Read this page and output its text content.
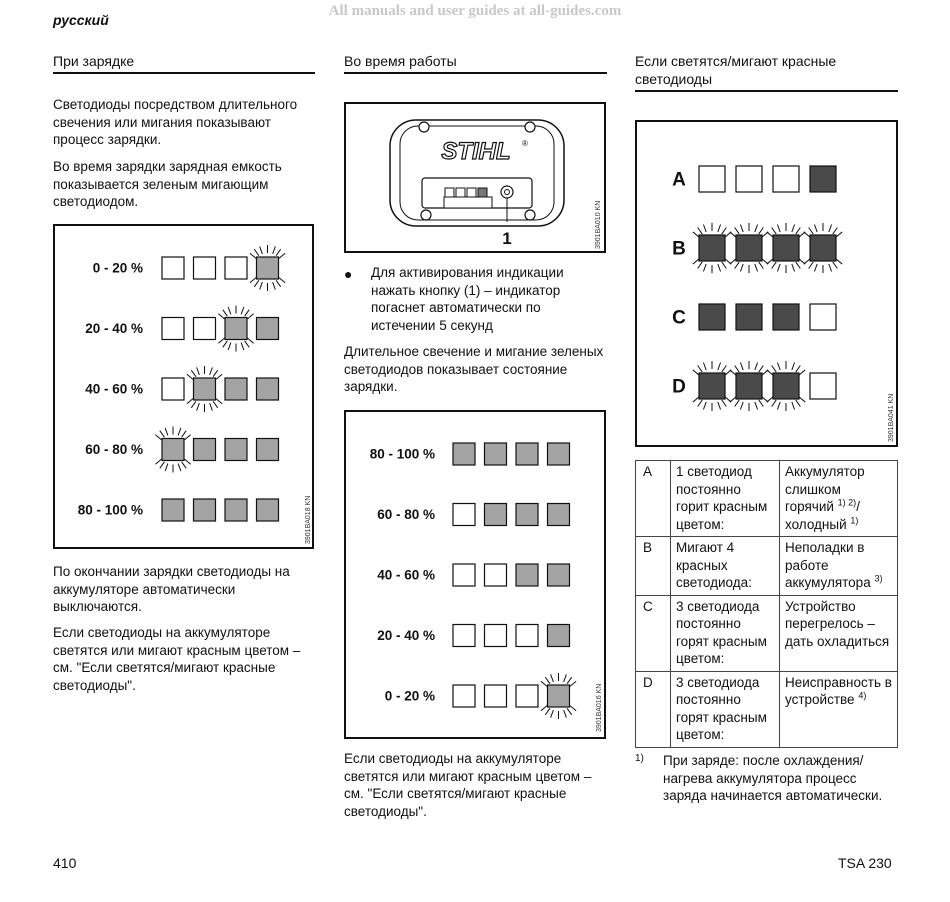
All manuals and user guides at all-guides.com
русский
При зарядке
Светодиоды посредством длительного свечения или мигания показывают процесс зарядки.
Во время зарядки зарядная емкость показывается зеленым мигающим светодиодом.
0 - 20 %
20 - 40 %
40 - 60 %
60 - 80 %
80 - 100 %	3901BA018 KN
По окончании зарядки светодиоды на аккумуляторе автоматически выключаются.
Если светодиоды на аккумуляторе светятся или мигают красным цветом – см. "Если светятся/мигают красные светодиоды".
Во время работы
STIHL ®
1	3901BA010 KN
● Для активирования индикации нажать кнопку (1) – индикатор погаснет автоматически по истечении 5 секунд
Длительное свечение и мигание зеленых светодиодов показывает состояние зарядки.
80 - 100 %
60 - 80 %
40 - 60 %
20 - 40 %
0 - 20 %	3901BA016 KN
Если светодиоды на аккумуляторе светятся или мигают красным цветом – см. "Если светятся/мигают красные светодиоды".
Если светятся/мигают красные светодиоды
A
B
C
D
3901BA041 KN
A	1 светодиод постоянно горит красным цветом:	Аккумулятор слишком горячий $^{1) 2)}$/холодный $^{1)}$
B	Мигают 4 красных светодиода:	Неполадки в работе аккумулятора $^{3)}$
C	3 светодиода постоянно горят красным цветом:	Устройство перегрелось – дать охладиться
D	3 светодиода постоянно горят красным цветом:	Неисправность в устройстве $^{4)}$
1)	При заряде: после охлаждения/нагрева аккумулятора процесс заряда начинается автоматически.
410	TSA 230
